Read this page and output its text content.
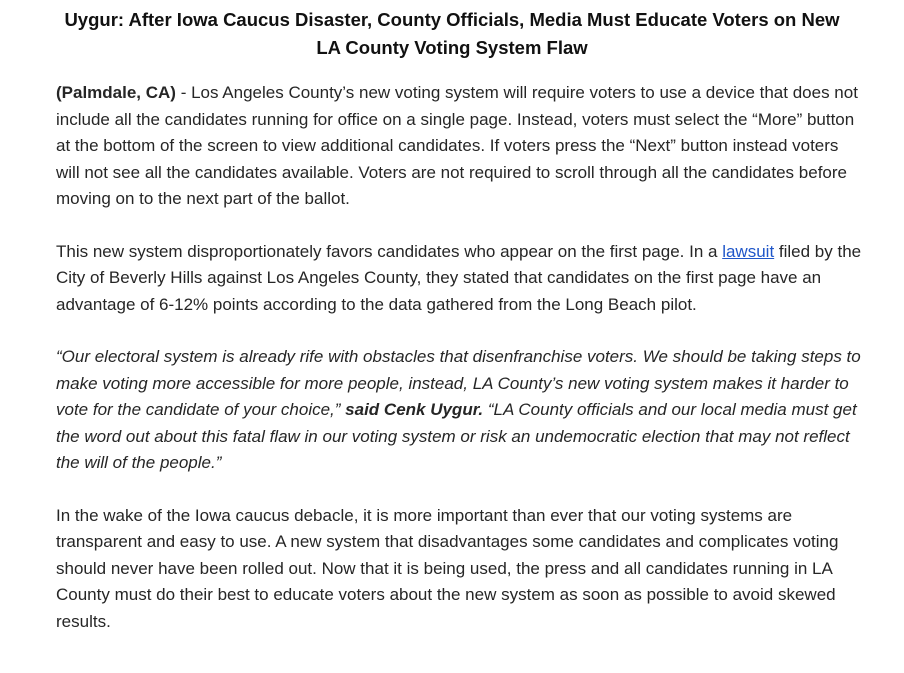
Uygur: After Iowa Caucus Disaster, County Officials, Media Must Educate Voters on New
LA County Voting System Flaw

(Palmdale, CA) - Los Angeles County’s new voting system will require voters to use a device that does not include all the candidates running for office on a single page. Instead, voters must select the “More” button at the bottom of the screen to view additional candidates. If voters press the “Next” button instead voters will not see all the candidates available. Voters are not required to scroll through all the candidates before moving on to the next part of the ballot.

This new system disproportionately favors candidates who appear on the first page. In a lawsuit filed by the City of Beverly Hills against Los Angeles County, they stated that candidates on the first page have an advantage of 6-12% points according to the data gathered from the Long Beach pilot.

“Our electoral system is already rife with obstacles that disenfranchise voters. We should be taking steps to make voting more accessible for more people, instead, LA County’s new voting system makes it harder to vote for the candidate of your choice,” said Cenk Uygur. “LA County officials and our local media must get the word out about this fatal flaw in our voting system or risk an undemocratic election that may not reflect the will of the people.”

In the wake of the Iowa caucus debacle, it is more important than ever that our voting systems are transparent and easy to use. A new system that disadvantages some candidates and complicates voting should never have been rolled out. Now that it is being used, the press and all candidates running in LA County must do their best to educate voters about the new system as soon as possible to avoid skewed results.
